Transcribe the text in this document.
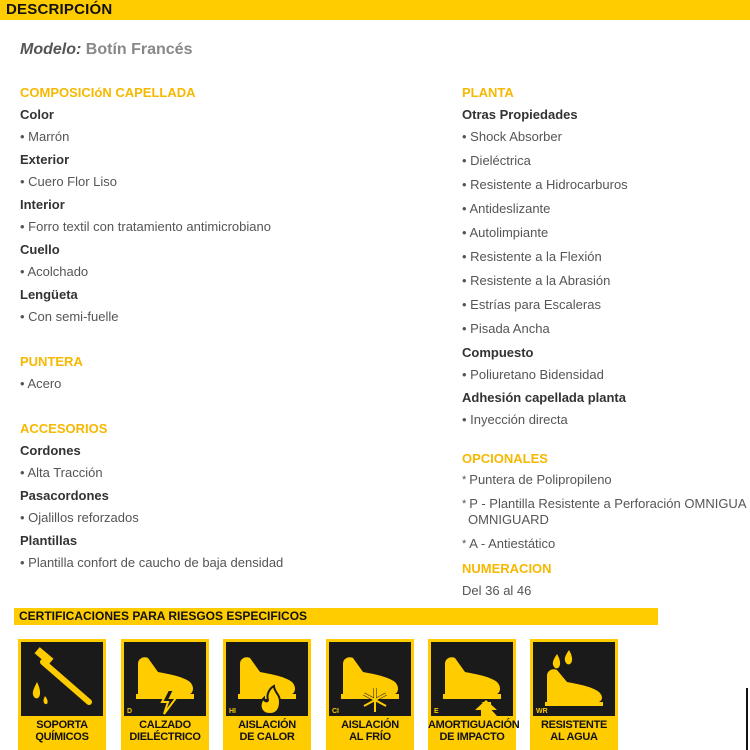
DESCRIPCIÓN
Modelo: Botín Francés
COMPOSICIóN CAPELLADA
Color
• Marrón
Exterior
• Cuero Flor Liso
Interior
• Forro textil con tratamiento antimicrobiano
Cuello
• Acolchado
Lengüeta
• Con semi-fuelle
PUNTERA
• Acero
ACCESORIOS
Cordones
• Alta Tracción
Pasacordones
• Ojalillos reforzados
Plantillas
• Plantilla confort de caucho de baja densidad
PLANTA
Otras Propiedades
• Shock Absorber
• Dieléctrica
• Resistente a Hidrocarburos
• Antideslizante
• Autolimpiante
• Resistente a la Flexión
• Resistente a la Abrasión
• Estrías para Escaleras
• Pisada Ancha
Compuesto
• Poliuretano Bidensidad
Adhesión capellada planta
• Inyección directa
OPCIONALES
* Puntera de Polipropileno
* P - Plantilla Resistente a Perforación OMNIGUA
OMNIGUARD
* A - Antiestático
NUMERACION
Del 36 al 46
CERTIFICACIONES PARA RIESGOS ESPECIFICOS
SOPORTA
QUÍMICOS
D
CALZADO
DIELÉCTRICO
HI
AISLACIÓN
DE CALOR
CI
AISLACIÓN
AL FRÍO
E
AMORTIGUACIÓN
DE IMPACTO
WR
RESISTENTE
AL AGUA
